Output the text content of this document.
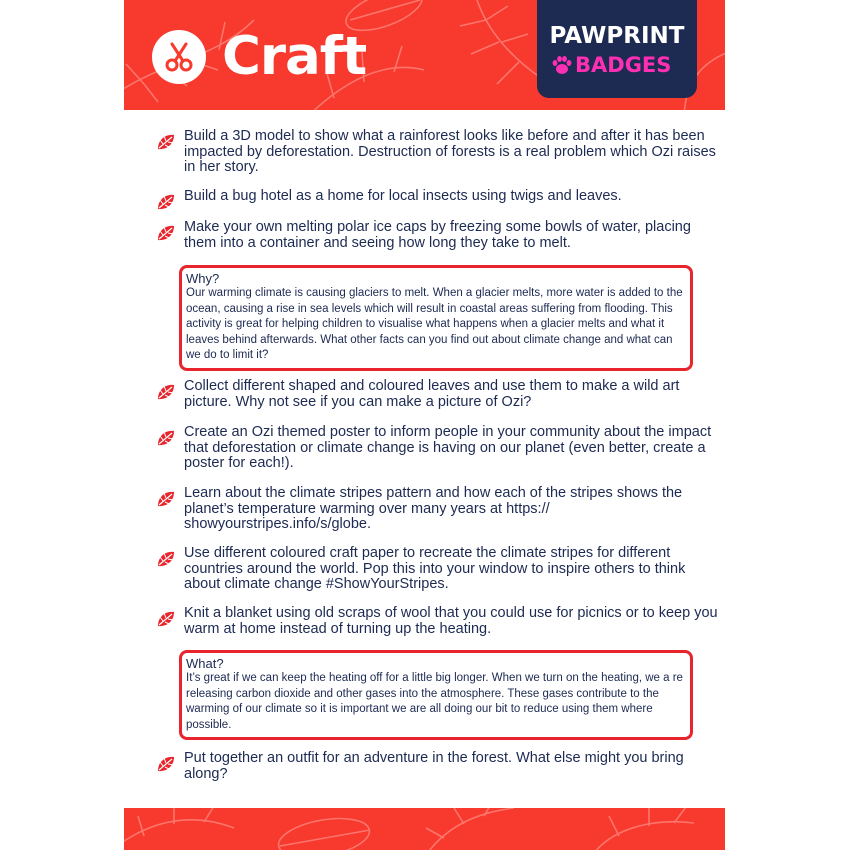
Craft	PAWPRINT
BADGES
Build a 3D model to show what a rainforest looks like before and after it has been impacted by deforestation. Destruction of forests is a real problem which Ozi raises in her story.
Build a bug hotel as a home for local insects using twigs and leaves.
Make your own melting polar ice caps by freezing some bowls of water, placing them into a container and seeing how long they take to melt.
Why?
Our warming climate is causing glaciers to melt. When a glacier melts, more water is added to the ocean, causing a rise in sea levels which will result in coastal areas suffering from flooding. This activity is great for helping children to visualise what happens when a glacier melts and what it leaves behind afterwards. What other facts can you find out about climate change and what can we do to limit it?
Collect different shaped and coloured leaves and use them to make a wild art picture. Why not see if you can make a picture of Ozi?
Create an Ozi themed poster to inform people in your community about the impact that deforestation or climate change is having on our planet (even better, create a poster for each!).
Learn about the climate stripes pattern and how each of the stripes shows the planet’s temperature warming over many years at https:// showyourstripes.info/s/globe.
Use different coloured craft paper to recreate the climate stripes for different countries around the world. Pop this into your window to inspire others to think about climate change #ShowYourStripes.
Knit a blanket using old scraps of wool that you could use for picnics or to keep you warm at home instead of turning up the heating.
What?
It’s great if we can keep the heating off for a little big longer. When we turn on the heating, we a re releasing carbon dioxide and other gases into the atmosphere. These gases contribute to the warming of our climate so it is important we are all doing our bit to reduce using them where possible.
Put together an outfit for an adventure in the forest. What else might you bring along?
